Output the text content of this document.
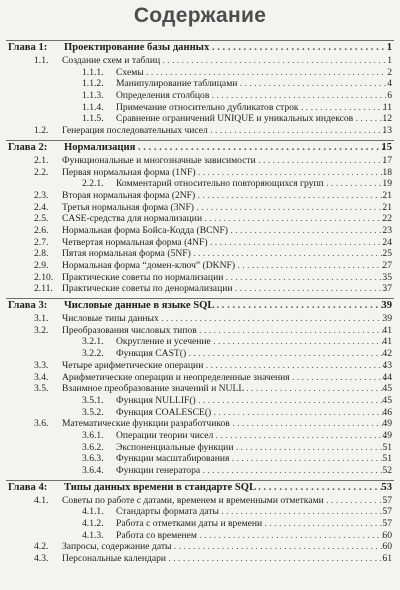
Содержание
Глава 1: Проектирование базы данных . . .	1
1.1. Создание схем и таблиц . . .	1
1.1.1. Схемы . . .	2
1.1.2. Манипулирование таблицами . . .	4
1.1.3. Определения столбцов . . .	6
1.1.4. Примечание относительно дубликатов строк . . .	11
1.1.5. Сравнение ограничений UNIQUE и уникальных индексов . . .	12
1.2. Генерация последовательных чисел . . .	13
Глава 2: Нормализация . . .	15
2.1. Функциональные и многозначные зависимости . . .	17
2.2. Первая нормальная форма (1NF) . . .	18
2.2.1. Комментарий относительно повторяющихся групп . . .	19
2.3. Вторая нормальная форма (2NF) . . .	21
2.4. Третья нормальная форма (3NF) . . .	21
2.5. CASE-средства для нормализации . . .	22
2.6. Нормальная форма Бойса-Кодда (BCNF) . . .	23
2.7. Четвертая нормальная форма (4NF) . . .	24
2.8. Пятая нормальная форма (5NF) . . .	25
2.9. Нормальная форма “домен-ключ” (DKNF) . . .	27
2.10. Практические советы по нормализации . . .	35
2.11. Практические советы по денормализации . . .	37
Глава 3: Числовые данные в языке SQL . . .	39
3.1. Числовые типы данных . . .	39
3.2. Преобразования числовых типов . . .	41
3.2.1. Округление и усечение . . .	41
3.2.2. Функция CAST() . . .	42
3.3. Четыре арифметические операции . . .	43
3.4. Арифметические операции и неопределенные значения . . .	44
3.5. Взаимное преобразование значений и NULL . . .	45
3.5.1. Функция NULLIF() . . .	45
3.5.2. Функция COALESCE() . . .	46
3.6. Математические функции разработчиков . . .	49
3.6.1. Операции теории чисел . . .	49
3.6.2. Экспоненциальные функции . . .	51
3.6.3. Функции масштабирования . . .	51
3.6.4. Функции генератора . . .	52
Глава 4: Типы данных времени в стандарте SQL . . .	53
4.1. Советы по работе с датами, временем и временными отметками . . .	57
4.1.1. Стандарты формата даты . . .	57
4.1.2. Работа с отметками даты и времени . . .	57
4.1.3. Работа со временем . . .	60
4.2. Запросы, содержание даты . . .	60
4.3. Персональные календари . . .	61
